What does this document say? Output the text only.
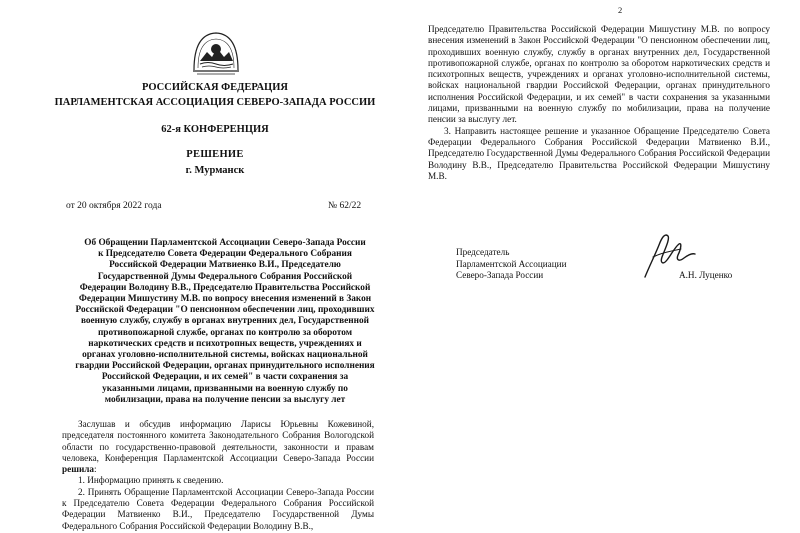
РОССИЙСКАЯ ФЕДЕРАЦИЯ
ПАРЛАМЕНТСКАЯ АССОЦИАЦИЯ СЕВЕРО-ЗАПАДА РОССИИ
62-я КОНФЕРЕНЦИЯ
РЕШЕНИЕ
г. Мурманск
от 20 октября 2022 года	№ 62/22
Об Обращении Парламентской Ассоциации Северо-Запада России
к Председателю Совета Федерации Федерального Собрания
Российской Федерации Матвиенко В.И., Председателю
Государственной Думы Федерального Собрания Российской
Федерации Володину В.В., Председателю Правительства Российской
Федерации Мишустину М.В. по вопросу внесения изменений в Закон
Российской Федерации "О пенсионном обеспечении лиц, проходивших
военную службу, службу в органах внутренних дел, Государственной
противопожарной службе, органах по контролю за оборотом
наркотических средств и психотропных веществ, учреждениях и
органах уголовно-исполнительной системы, войсках национальной
гвардии Российской Федерации, органах принудительного исполнения
Российской Федерации, и их семей" в части сохранения за
указанными лицами, призванными на военную службу по
мобилизации, права на получение пенсии за выслугу лет

Заслушав и обсудив информацию Ларисы Юрьевны Кожевиной, председателя постоянного комитета Законодательного Собрания Вологодской области по государственно-правовой деятельности, законности и правам человека, Конференция Парламентской Ассоциации Северо-Запада России решила:

1. Информацию принять к сведению.

2. Принять Обращение Парламентской Ассоциации Северо-Запада России к Председателю Совета Федерации Федерального Собрания Российской Федерации Матвиенко В.И., Председателю Государственной Думы Федерального Собрания Российской Федерации Володину В.В.,

2

Председателю Правительства Российской Федерации Мишустину М.В. по вопросу внесения изменений в Закон Российской Федерации "О пенсионном обеспечении лиц, проходивших военную службу, службу в органах внутренних дел, Государственной противопожарной службе, органах по контролю за оборотом наркотических средств и психотропных веществ, учреждениях и органах уголовно-исполнительной системы, войсках национальной гвардии Российской Федерации, органах принудительного исполнения Российской Федерации, и их семей" в части сохранения за указанными лицами, призванными на военную службу по мобилизации, права на получение пенсии за выслугу лет.

3. Направить настоящее решение и указанное Обращение Председателю Совета Федерации Федерального Собрания Российской Федерации Матвиенко В.И., Председателю Государственной Думы Федерального Собрания Российской Федерации Володину В.В., Председателю Правительства Российской Федерации Мишустину М.В.

Председатель
Парламентской Ассоциации
Северо-Запада России	А.Н. Луценко
